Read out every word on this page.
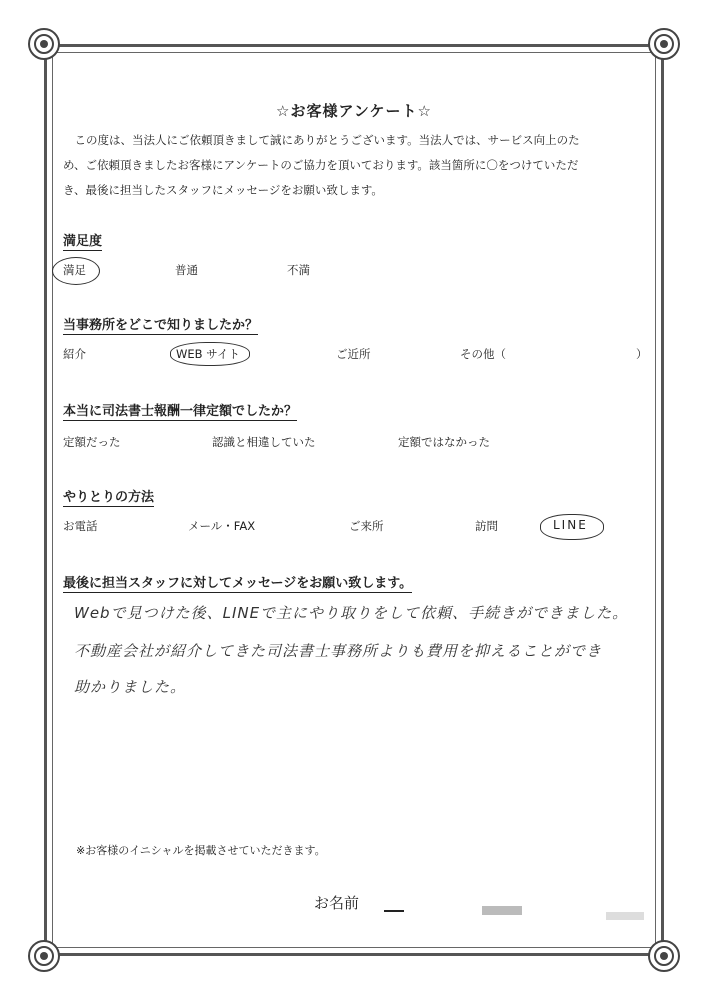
☆お客様アンケート☆

この度は、当法人にご依頼頂きまして誠にありがとうございます。当法人では、サービス向上のた

め、ご依頼頂きましたお客様にアンケートのご協力を頂いております。該当箇所に〇をつけていただ
き、最後に担当したスタッフにメッセージをお願い致します。
満足度
満足	普通	不満
当事務所をどこで知りましたか？
紹介	WEB サイト	ご近所	その他（	）
本当に司法書士報酬一律定額でしたか？
定額だった	認識と相違していた	定額ではなかった
やりとりの方法
お電話	メール・FAX	ご来所	訪問	LINE
最後に担当スタッフに対してメッセージをお願い致します。
Webで見つけた後、LINEで主にやり取りをして依頼、手続きができました。
不動産会社が紹介してきた司法書士事務所よりも費用を抑えることができ
助かりました。
※お客様のイニシャルを掲載させていただきます。
お名前
